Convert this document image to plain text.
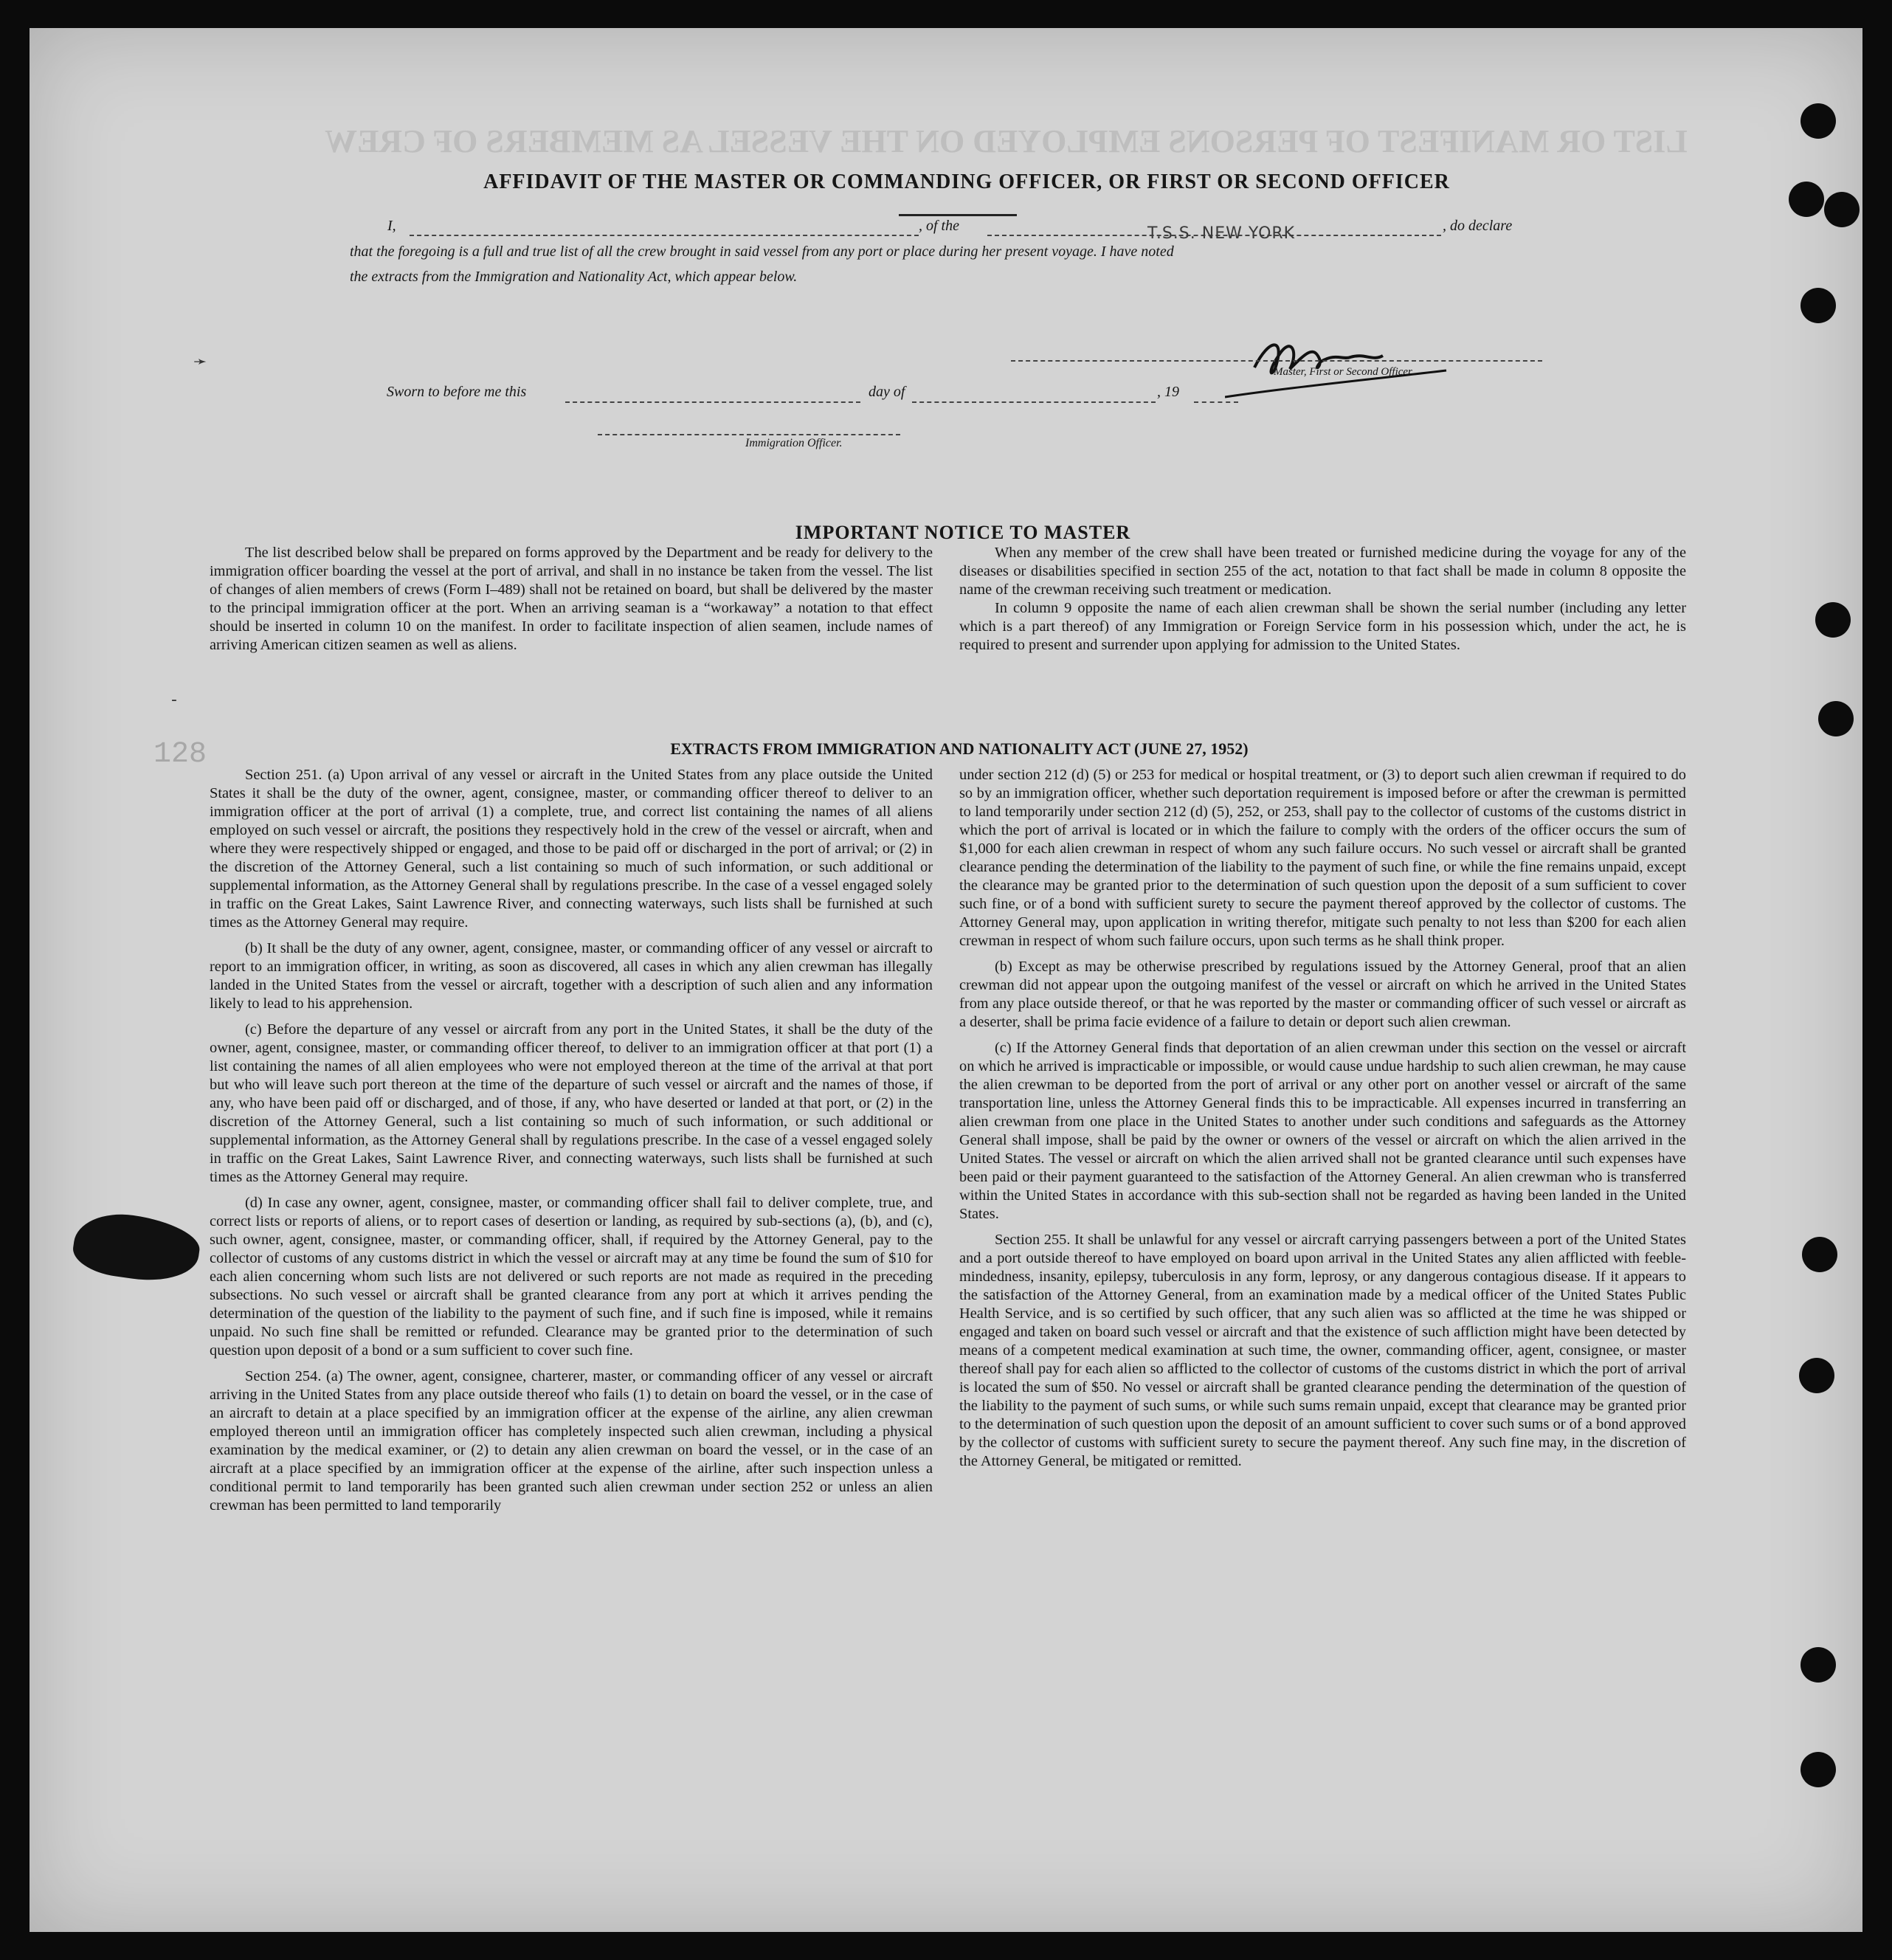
LIST OR MANIFEST OF PERSONS EMPLOYED ON THE VESSEL AS MEMBERS OF CREW
AFFIDAVIT OF THE MASTER OR COMMANDING OFFICER, OR FIRST OR SECOND OFFICER
I,	, of the	T.S.S. NEW YORK	, do declare
that the foregoing is a full and true list of all the crew brought in said vessel from any port or place during her present voyage. I have noted
the extracts from the Immigration and Nationality Act, which appear below.
Master, First or Second Officer.
Sworn to before me this	day of	, 19
Immigration Officer.
IMPORTANT NOTICE TO MASTER

The list described below shall be prepared on forms approved by the Department and be ready for delivery to the immigration officer boarding the vessel at the port of arrival, and shall in no instance be taken from the vessel. The list of changes of alien members of crews (Form I–489) shall not be retained on board, but shall be delivered by the master to the principal immigration officer at the port. When an arriving seaman is a “workaway” a notation to that effect should be inserted in column 10 on the manifest. In order to facilitate inspection of alien seamen, include names of arriving American citizen seamen as well as aliens.

When any member of the crew shall have been treated or furnished medicine during the voyage for any of the diseases or disabilities specified in section 255 of the act, notation to that fact shall be made in column 8 opposite the name of the crewman receiving such treatment or medication.

In column 9 opposite the name of each alien crewman shall be shown the serial number (including any letter which is a part thereof) of any Immigration or Foreign Service form in his possession which, under the act, he is required to present and surrender upon applying for admission to the United States.

EXTRACTS FROM IMMIGRATION AND NATIONALITY ACT (JUNE 27, 1952)

Section 251. (a) Upon arrival of any vessel or aircraft in the United States from any place outside the United States it shall be the duty of the owner, agent, consignee, master, or commanding officer thereof to deliver to an immigration officer at the port of arrival (1) a complete, true, and correct list containing the names of all aliens employed on such vessel or aircraft, the positions they respectively hold in the crew of the vessel or aircraft, when and where they were respectively shipped or engaged, and those to be paid off or discharged in the port of arrival; or (2) in the discretion of the Attorney General, such a list containing so much of such information, or such additional or supplemental information, as the Attorney General shall by regulations prescribe. In the case of a vessel engaged solely in traffic on the Great Lakes, Saint Lawrence River, and connecting waterways, such lists shall be furnished at such times as the Attorney General may require.

(b) It shall be the duty of any owner, agent, consignee, master, or commanding officer of any vessel or aircraft to report to an immigration officer, in writing, as soon as discovered, all cases in which any alien crewman has illegally landed in the United States from the vessel or aircraft, together with a description of such alien and any information likely to lead to his apprehension.

(c) Before the departure of any vessel or aircraft from any port in the United States, it shall be the duty of the owner, agent, consignee, master, or commanding officer thereof, to deliver to an immigration officer at that port (1) a list containing the names of all alien employees who were not employed thereon at the time of the arrival at that port but who will leave such port thereon at the time of the departure of such vessel or aircraft and the names of those, if any, who have been paid off or discharged, and of those, if any, who have deserted or landed at that port, or (2) in the discretion of the Attorney General, such a list containing so much of such information, or such additional or supplemental information, as the Attorney General shall by regulations prescribe. In the case of a vessel engaged solely in traffic on the Great Lakes, Saint Lawrence River, and connecting waterways, such lists shall be furnished at such times as the Attorney General may require.

(d) In case any owner, agent, consignee, master, or commanding officer shall fail to deliver complete, true, and correct lists or reports of aliens, or to report cases of desertion or landing, as required by sub-sections (a), (b), and (c), such owner, agent, consignee, master, or commanding officer, shall, if required by the Attorney General, pay to the collector of customs of any customs district in which the vessel or aircraft may at any time be found the sum of $10 for each alien concerning whom such lists are not delivered or such reports are not made as required in the preceding subsections. No such vessel or aircraft shall be granted clearance from any port at which it arrives pending the determination of the question of the liability to the payment of such fine, and if such fine is imposed, while it remains unpaid. No such fine shall be remitted or refunded. Clearance may be granted prior to the determination of such question upon deposit of a bond or a sum sufficient to cover such fine.

Section 254. (a) The owner, agent, consignee, charterer, master, or commanding officer of any vessel or aircraft arriving in the United States from any place outside thereof who fails (1) to detain on board the vessel, or in the case of an aircraft to detain at a place specified by an immigration officer at the expense of the airline, any alien crewman employed thereon until an immigration officer has completely inspected such alien crewman, including a physical examination by the medical examiner, or (2) to detain any alien crewman on board the vessel, or in the case of an aircraft at a place specified by an immigration officer at the expense of the airline, after such inspection unless a conditional permit to land temporarily has been granted such alien crewman under section 252 or unless an alien crewman has been permitted to land temporarily

under section 212 (d) (5) or 253 for medical or hospital treatment, or (3) to deport such alien crewman if required to do so by an immigration officer, whether such deportation requirement is imposed before or after the crewman is permitted to land temporarily under section 212 (d) (5), 252, or 253, shall pay to the collector of customs of the customs district in which the port of arrival is located or in which the failure to comply with the orders of the officer occurs the sum of $1,000 for each alien crewman in respect of whom any such failure occurs. No such vessel or aircraft shall be granted clearance pending the determination of the liability to the payment of such fine, or while the fine remains unpaid, except the clearance may be granted prior to the determination of such question upon the deposit of a sum sufficient to cover such fine, or of a bond with sufficient surety to secure the payment thereof approved by the collector of customs. The Attorney General may, upon application in writing therefor, mitigate such penalty to not less than $200 for each alien crewman in respect of whom such failure occurs, upon such terms as he shall think proper.

(b) Except as may be otherwise prescribed by regulations issued by the Attorney General, proof that an alien crewman did not appear upon the outgoing manifest of the vessel or aircraft on which he arrived in the United States from any place outside thereof, or that he was reported by the master or commanding officer of such vessel or aircraft as a deserter, shall be prima facie evidence of a failure to detain or deport such alien crewman.

(c) If the Attorney General finds that deportation of an alien crewman under this section on the vessel or aircraft on which he arrived is impracticable or impossible, or would cause undue hardship to such alien crewman, he may cause the alien crewman to be deported from the port of arrival or any other port on another vessel or aircraft of the same transportation line, unless the Attorney General finds this to be impracticable. All expenses incurred in transferring an alien crewman from one place in the United States to another under such conditions and safeguards as the Attorney General shall impose, shall be paid by the owner or owners of the vessel or aircraft on which the alien arrived in the United States. The vessel or aircraft on which the alien arrived shall not be granted clearance until such expenses have been paid or their payment guaranteed to the satisfaction of the Attorney General. An alien crewman who is transferred within the United States in accordance with this sub-section shall not be regarded as having been landed in the United States.

Section 255. It shall be unlawful for any vessel or aircraft carrying passengers between a port of the United States and a port outside thereof to have employed on board upon arrival in the United States any alien afflicted with feeble-mindedness, insanity, epilepsy, tuberculosis in any form, leprosy, or any dangerous contagious disease. If it appears to the satisfaction of the Attorney General, from an examination made by a medical officer of the United States Public Health Service, and is so certified by such officer, that any such alien was so afflicted at the time he was shipped or engaged and taken on board such vessel or aircraft and that the existence of such affliction might have been detected by means of a competent medical examination at such time, the owner, commanding officer, agent, consignee, or master thereof shall pay for each alien so afflicted to the collector of customs of the customs district in which the port of arrival is located the sum of $50. No vessel or aircraft shall be granted clearance pending the determination of the question of the liability to the payment of such sums, or while such sums remain unpaid, except that clearance may be granted prior to the determination of such question upon the deposit of an amount sufficient to cover such sums or of a bond approved by the collector of customs with sufficient surety to secure the payment thereof. Any such fine may, in the discretion of the Attorney General, be mitigated or remitted.

128
➛
-
